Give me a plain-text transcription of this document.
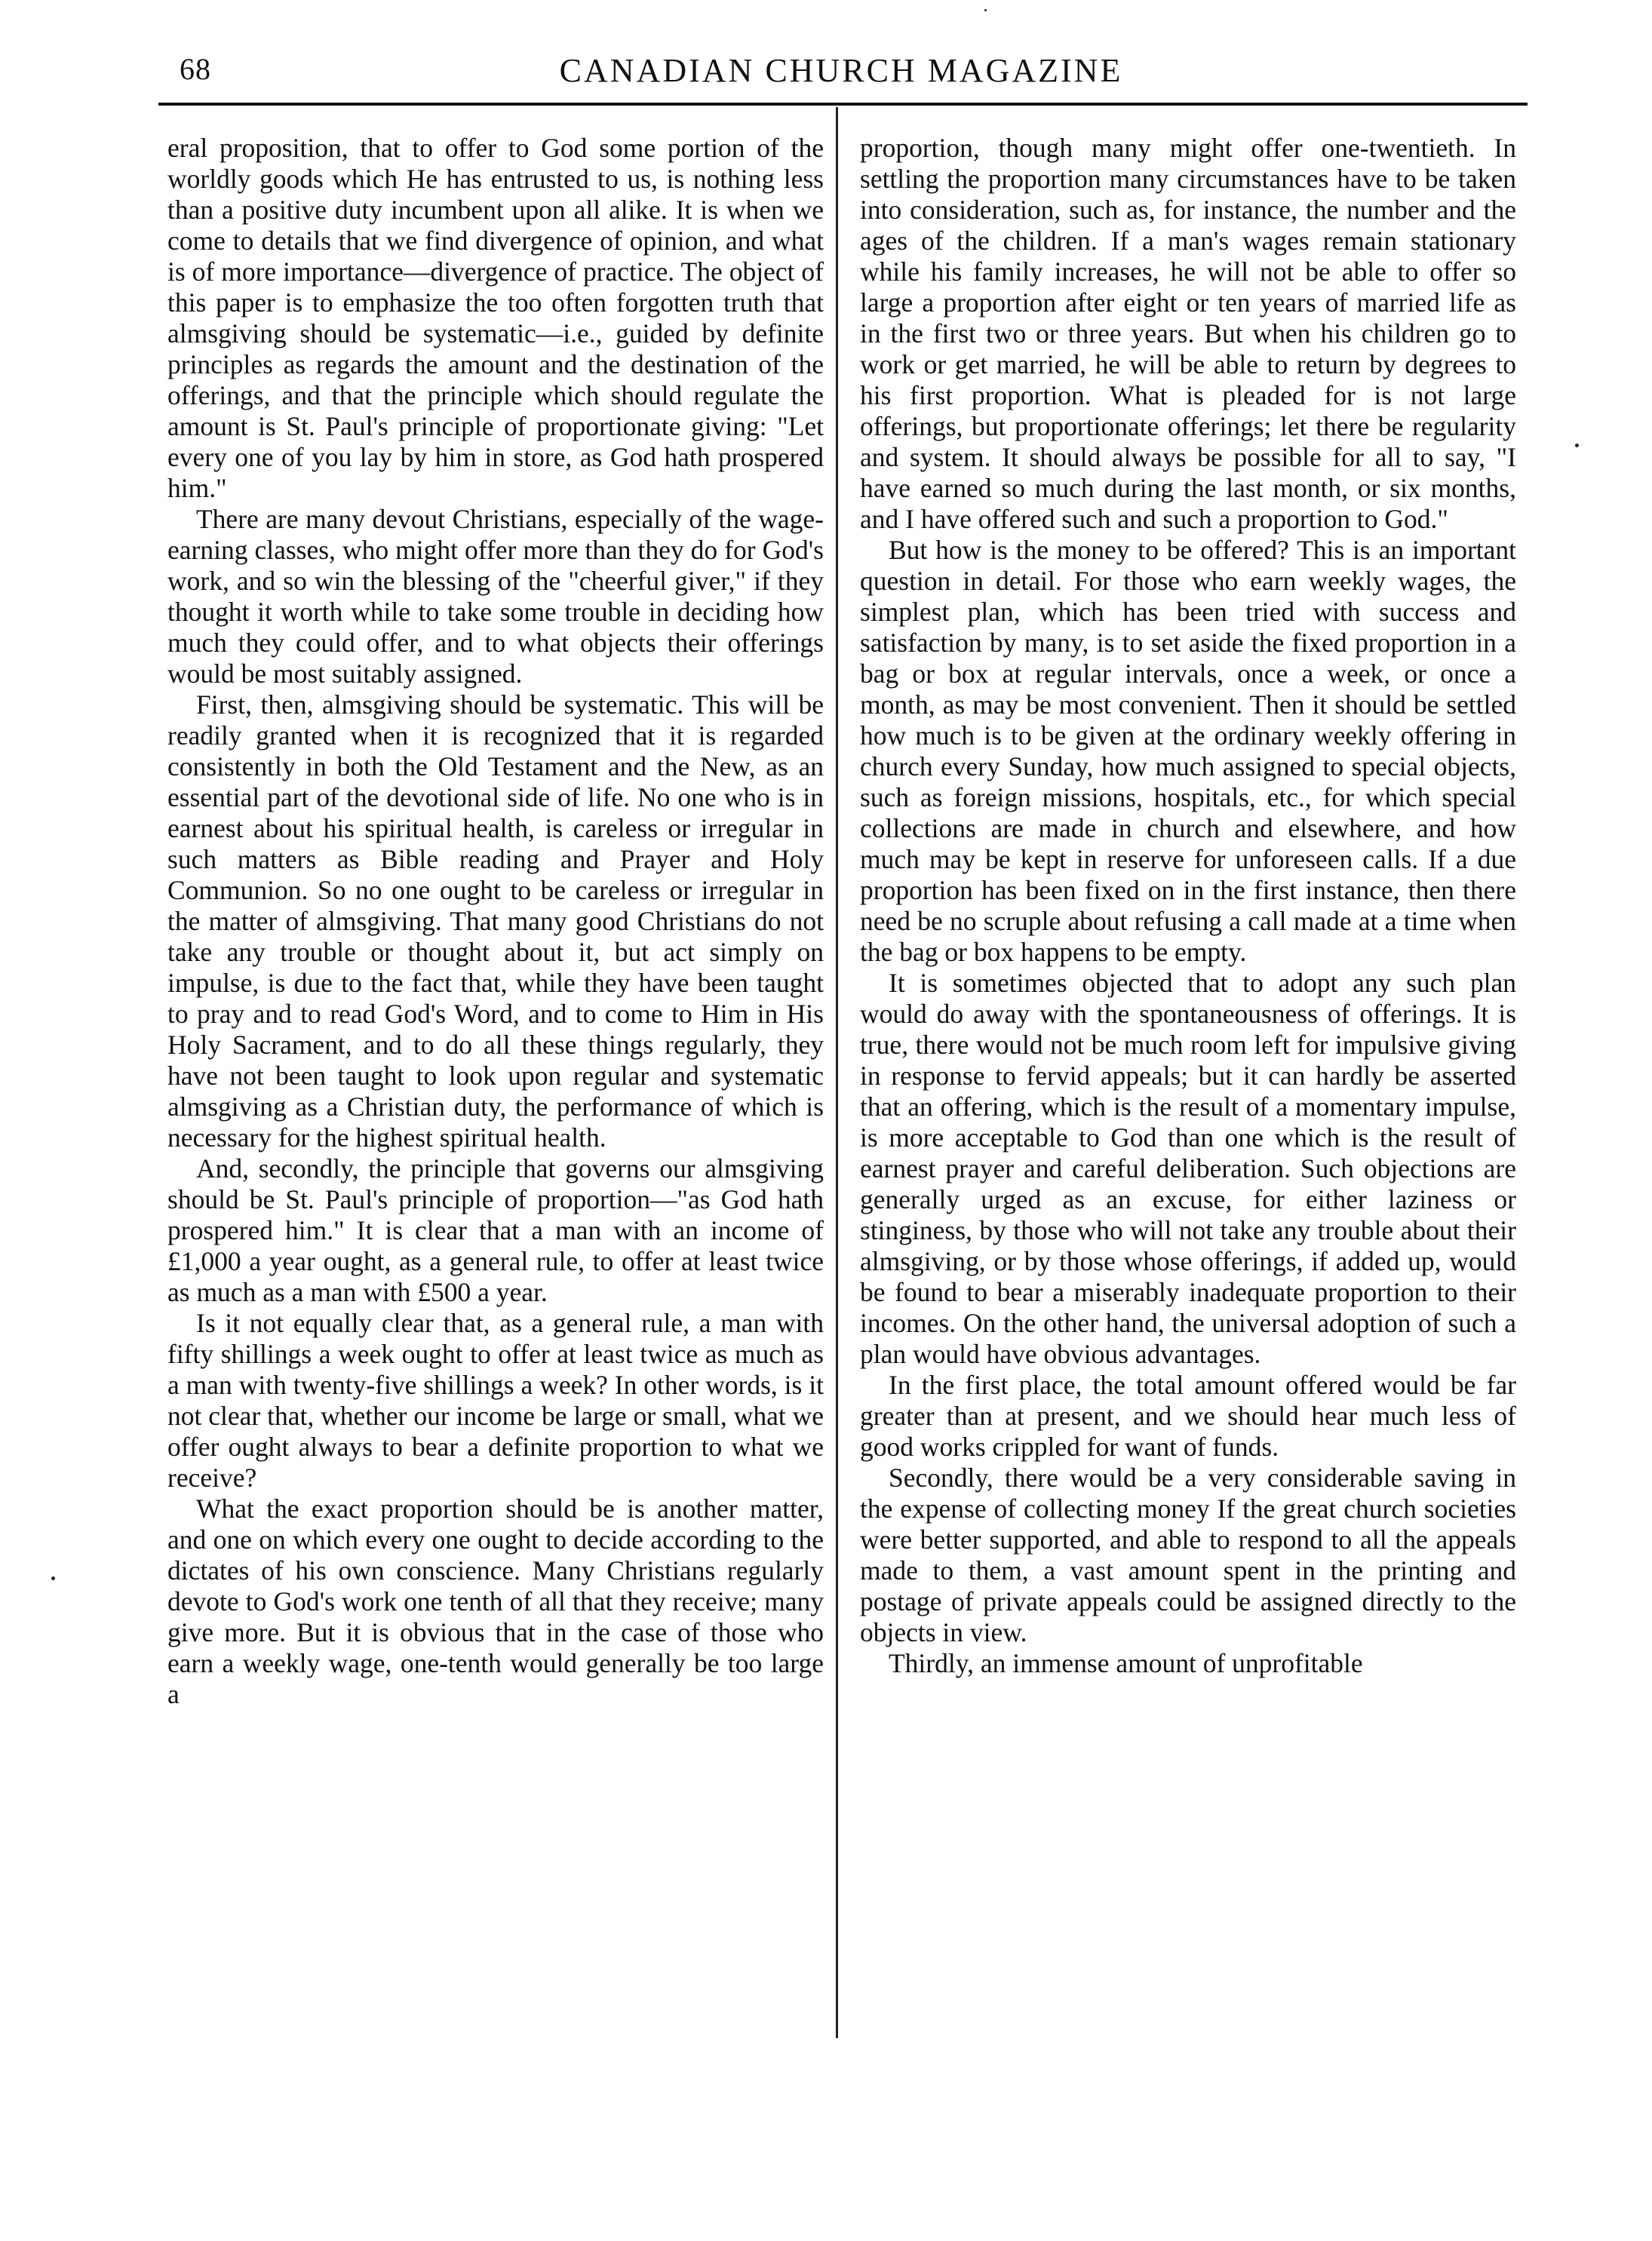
68	CANADIAN CHURCH MAGAZINE

eral proposition, that to offer to God some portion of the worldly goods which He has entrusted to us, is nothing less than a positive duty incumbent upon all alike. It is when we come to details that we find divergence of opinion, and what is of more importance—divergence of practice. The object of this paper is to emphasize the too often forgotten truth that almsgiving should be systematic—i.e., guided by definite principles as regards the amount and the destination of the offerings, and that the principle which should regulate the amount is St. Paul's principle of proportionate giving: "Let every one of you lay by him in store, as God hath prospered him."

There are many devout Christians, especially of the wage-earning classes, who might offer more than they do for God's work, and so win the blessing of the "cheerful giver," if they thought it worth while to take some trouble in deciding how much they could offer, and to what objects their offerings would be most suitably assigned.

First, then, almsgiving should be systematic. This will be readily granted when it is recognized that it is regarded consistently in both the Old Testament and the New, as an essential part of the devotional side of life. No one who is in earnest about his spiritual health, is careless or irregular in such matters as Bible reading and Prayer and Holy Communion. So no one ought to be careless or irregular in the matter of almsgiving. That many good Christians do not take any trouble or thought about it, but act simply on impulse, is due to the fact that, while they have been taught to pray and to read God's Word, and to come to Him in His Holy Sacrament, and to do all these things regularly, they have not been taught to look upon regular and systematic almsgiving as a Christian duty, the performance of which is necessary for the highest spiritual health.

And, secondly, the principle that governs our almsgiving should be St. Paul's principle of proportion—"as God hath prospered him." It is clear that a man with an income of £1,000 a year ought, as a general rule, to offer at least twice as much as a man with £500 a year.

Is it not equally clear that, as a general rule, a man with fifty shillings a week ought to offer at least twice as much as a man with twenty-five shillings a week? In other words, is it not clear that, whether our income be large or small, what we offer ought always to bear a definite proportion to what we receive?

What the exact proportion should be is another matter, and one on which every one ought to decide according to the dictates of his own conscience. Many Christians regularly devote to God's work one tenth of all that they receive; many give more. But it is obvious that in the case of those who earn a weekly wage, one-tenth would generally be too large a

proportion, though many might offer one-twentieth. In settling the proportion many circumstances have to be taken into consideration, such as, for instance, the number and the ages of the children. If a man's wages remain stationary while his family increases, he will not be able to offer so large a proportion after eight or ten years of married life as in the first two or three years. But when his children go to work or get married, he will be able to return by degrees to his first proportion. What is pleaded for is not large offerings, but proportionate offerings; let there be regularity and system. It should always be possible for all to say, "I have earned so much during the last month, or six months, and I have offered such and such a proportion to God."

But how is the money to be offered? This is an important question in detail. For those who earn weekly wages, the simplest plan, which has been tried with success and satisfaction by many, is to set aside the fixed proportion in a bag or box at regular intervals, once a week, or once a month, as may be most convenient. Then it should be settled how much is to be given at the ordinary weekly offering in church every Sunday, how much assigned to special objects, such as foreign missions, hospitals, etc., for which special collections are made in church and elsewhere, and how much may be kept in reserve for unforeseen calls. If a due proportion has been fixed on in the first instance, then there need be no scruple about refusing a call made at a time when the bag or box happens to be empty.

It is sometimes objected that to adopt any such plan would do away with the spontaneousness of offerings. It is true, there would not be much room left for impulsive giving in response to fervid appeals; but it can hardly be asserted that an offering, which is the result of a momentary impulse, is more acceptable to God than one which is the result of earnest prayer and careful deliberation. Such objections are generally urged as an excuse, for either laziness or stinginess, by those who will not take any trouble about their almsgiving, or by those whose offerings, if added up, would be found to bear a miserably inadequate proportion to their incomes. On the other hand, the universal adoption of such a plan would have obvious advantages.

In the first place, the total amount offered would be far greater than at present, and we should hear much less of good works crippled for want of funds.

Secondly, there would be a very considerable saving in the expense of collecting money If the great church societies were better supported, and able to respond to all the appeals made to them, a vast amount spent in the printing and postage of private appeals could be assigned directly to the objects in view.

Thirdly, an immense amount of unprofitable
